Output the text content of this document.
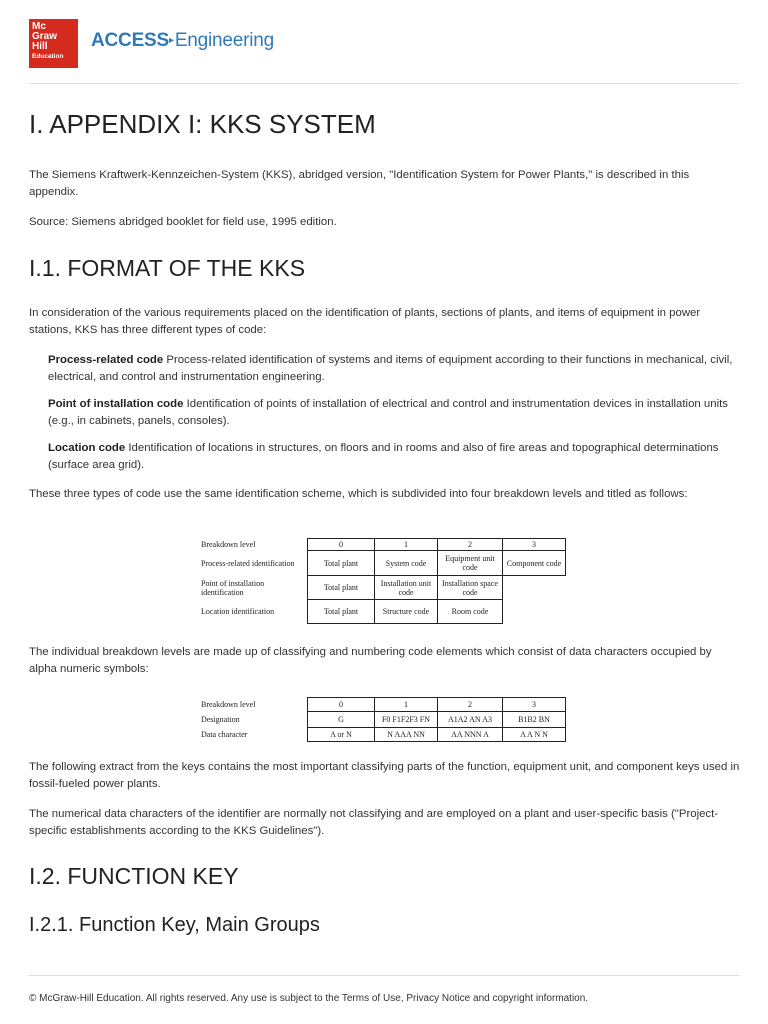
Mc
Graw
Hill
Education
ACCESS▸Engineering
I. APPENDIX I: KKS SYSTEM

The Siemens Kraftwerk-Kennzeichen-System (KKS), abridged version, "Identification System for Power Plants," is described in this appendix.

Source: Siemens abridged booklet for field use, 1995 edition.

I.1. FORMAT OF THE KKS

In consideration of the various requirements placed on the identification of plants, sections of plants, and items of equipment in power stations, KKS has three different types of code:

Process-related code Process-related identification of systems and items of equipment according to their functions in mechanical, civil, electrical, and control and instrumentation engineering.
Point of installation code Identification of points of installation of electrical and control and instrumentation devices in installation units (e.g., in cabinets, panels, consoles).
Location code Identification of locations in structures, on floors and in rooms and also of fire areas and topographical determinations (surface area grid).

These three types of code use the same identification scheme, which is subdivided into four breakdown levels and titled as follows:

Breakdown level	0	1	2	3
Process-related identification	Total plant	System code	Equipment unit code	Component code
Point of installation identification	Total plant	Installation unit code	Installation space code	
Location identification	Total plant	Structure code	Room code	

The individual breakdown levels are made up of classifying and numbering code elements which consist of data characters occupied by alpha numeric symbols:

Breakdown level	0	1	2	3
Designation	G	F0 F1F2F3 FN	A1A2 AN A3	B1B2 BN
Data character	A or N	N AAA NN	AA NNN A	A A N N

The following extract from the keys contains the most important classifying parts of the function, equipment unit, and component keys used in fossil-fueled power plants.

The numerical data characters of the identifier are normally not classifying and are employed on a plant and user-specific basis ("Project-specific establishments according to the KKS Guidelines").

I.2. FUNCTION KEY
I.2.1. Function Key, Main Groups
© McGraw-Hill Education. All rights reserved. Any use is subject to the Terms of Use, Privacy Notice and copyright information.
